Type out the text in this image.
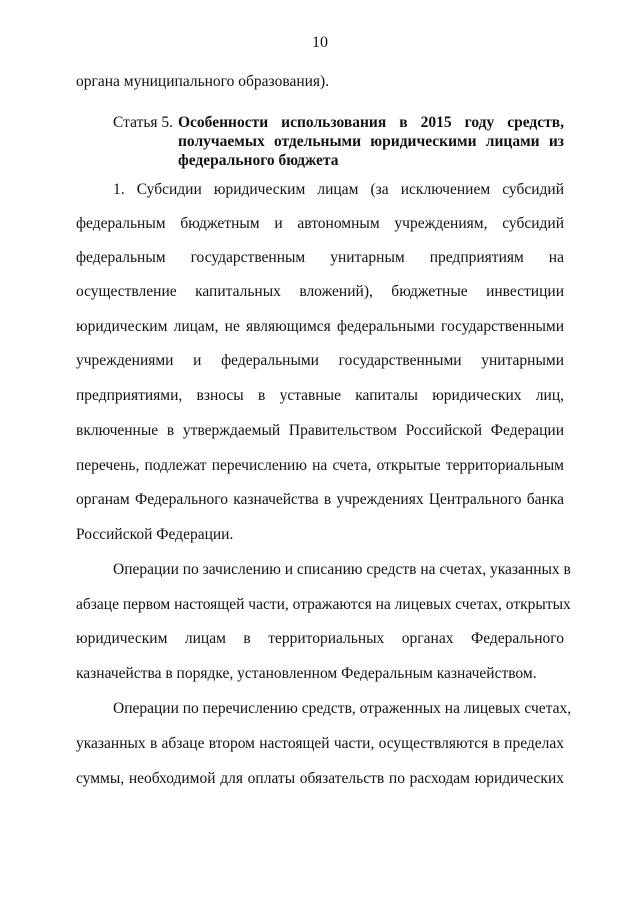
10
органа муниципального образования).
Статья 5. Особенности использования в 2015 году средств,
получаемых отдельными юридическими лицами из
федерального бюджета
1. Субсидии юридическим лицам (за исключением субсидий
федеральным бюджетным и автономным учреждениям, субсидий
федеральным государственным унитарным предприятиям на
осуществление капитальных вложений), бюджетные инвестиции
юридическим лицам, не являющимся федеральными государственными
учреждениями и федеральными государственными унитарными
предприятиями, взносы в уставные капиталы юридических лиц,
включенные в утверждаемый Правительством Российской Федерации
перечень, подлежат перечислению на счета, открытые территориальным
органам Федерального казначейства в учреждениях Центрального банка
Российской Федерации.
Операции по зачислению и списанию средств на счетах, указанных в
абзаце первом настоящей части, отражаются на лицевых счетах, открытых
юридическим лицам в территориальных органах Федерального
казначейства в порядке, установленном Федеральным казначейством.
Операции по перечислению средств, отраженных на лицевых счетах,
указанных в абзаце втором настоящей части, осуществляются в пределах
суммы, необходимой для оплаты обязательств по расходам юридических
